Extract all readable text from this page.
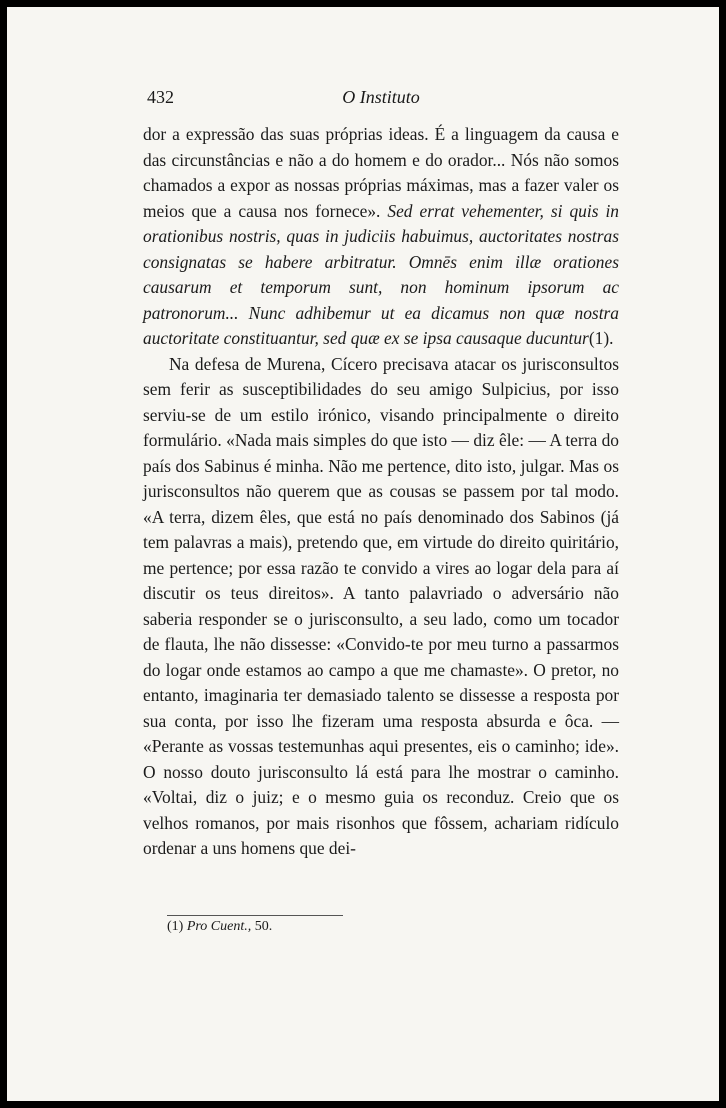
432	O Instituto

dor a expressão das suas próprias ideas. É a linguagem da causa e das circunstâncias e não a do homem e do orador... Nós não somos chamados a expor as nossas próprias máximas, mas a fazer valer os meios que a causa nos fornece». Sed errat vehementer, si quis in orationibus nostris, quas in judiciis habuimus, auctoritates nostras consignatas se habere arbitratur. Omnēs enim illæ orationes causarum et temporum sunt, non hominum ipsorum ac patronorum... Nunc adhibemur ut ea dicamus non quæ nostra auctoritate constituantur, sed quæ ex se ipsa causaque ducuntur(1).

Na defesa de Murena, Cícero precisava atacar os jurisconsultos sem ferir as susceptibilidades do seu amigo Sulpicius, por isso serviu-se de um estilo irónico, visando principalmente o direito formulário. «Nada mais simples do que isto — diz êle: — A terra do país dos Sabinus é minha. Não me pertence, dito isto, julgar. Mas os jurisconsultos não querem que as cousas se passem por tal modo. «A terra, dizem êles, que está no país denominado dos Sabinos (já tem palavras a mais), pretendo que, em virtude do direito quiritário, me pertence; por essa razão te convido a vires ao logar dela para aí discutir os teus direitos». A tanto palavriado o adversário não saberia responder se o jurisconsulto, a seu lado, como um tocador de flauta, lhe não dissesse: «Convido-te por meu turno a passarmos do logar onde estamos ao campo a que me chamaste». O pretor, no entanto, imaginaria ter demasiado talento se dissesse a resposta por sua conta, por isso lhe fizeram uma resposta absurda e ôca. — «Perante as vossas testemunhas aqui presentes, eis o caminho; ide». O nosso douto jurisconsulto lá está para lhe mostrar o caminho. «Voltai, diz o juiz; e o mesmo guia os reconduz. Creio que os velhos romanos, por mais risonhos que fôssem, achariam ridículo ordenar a uns homens que dei-

(1) Pro Cuent., 50.
